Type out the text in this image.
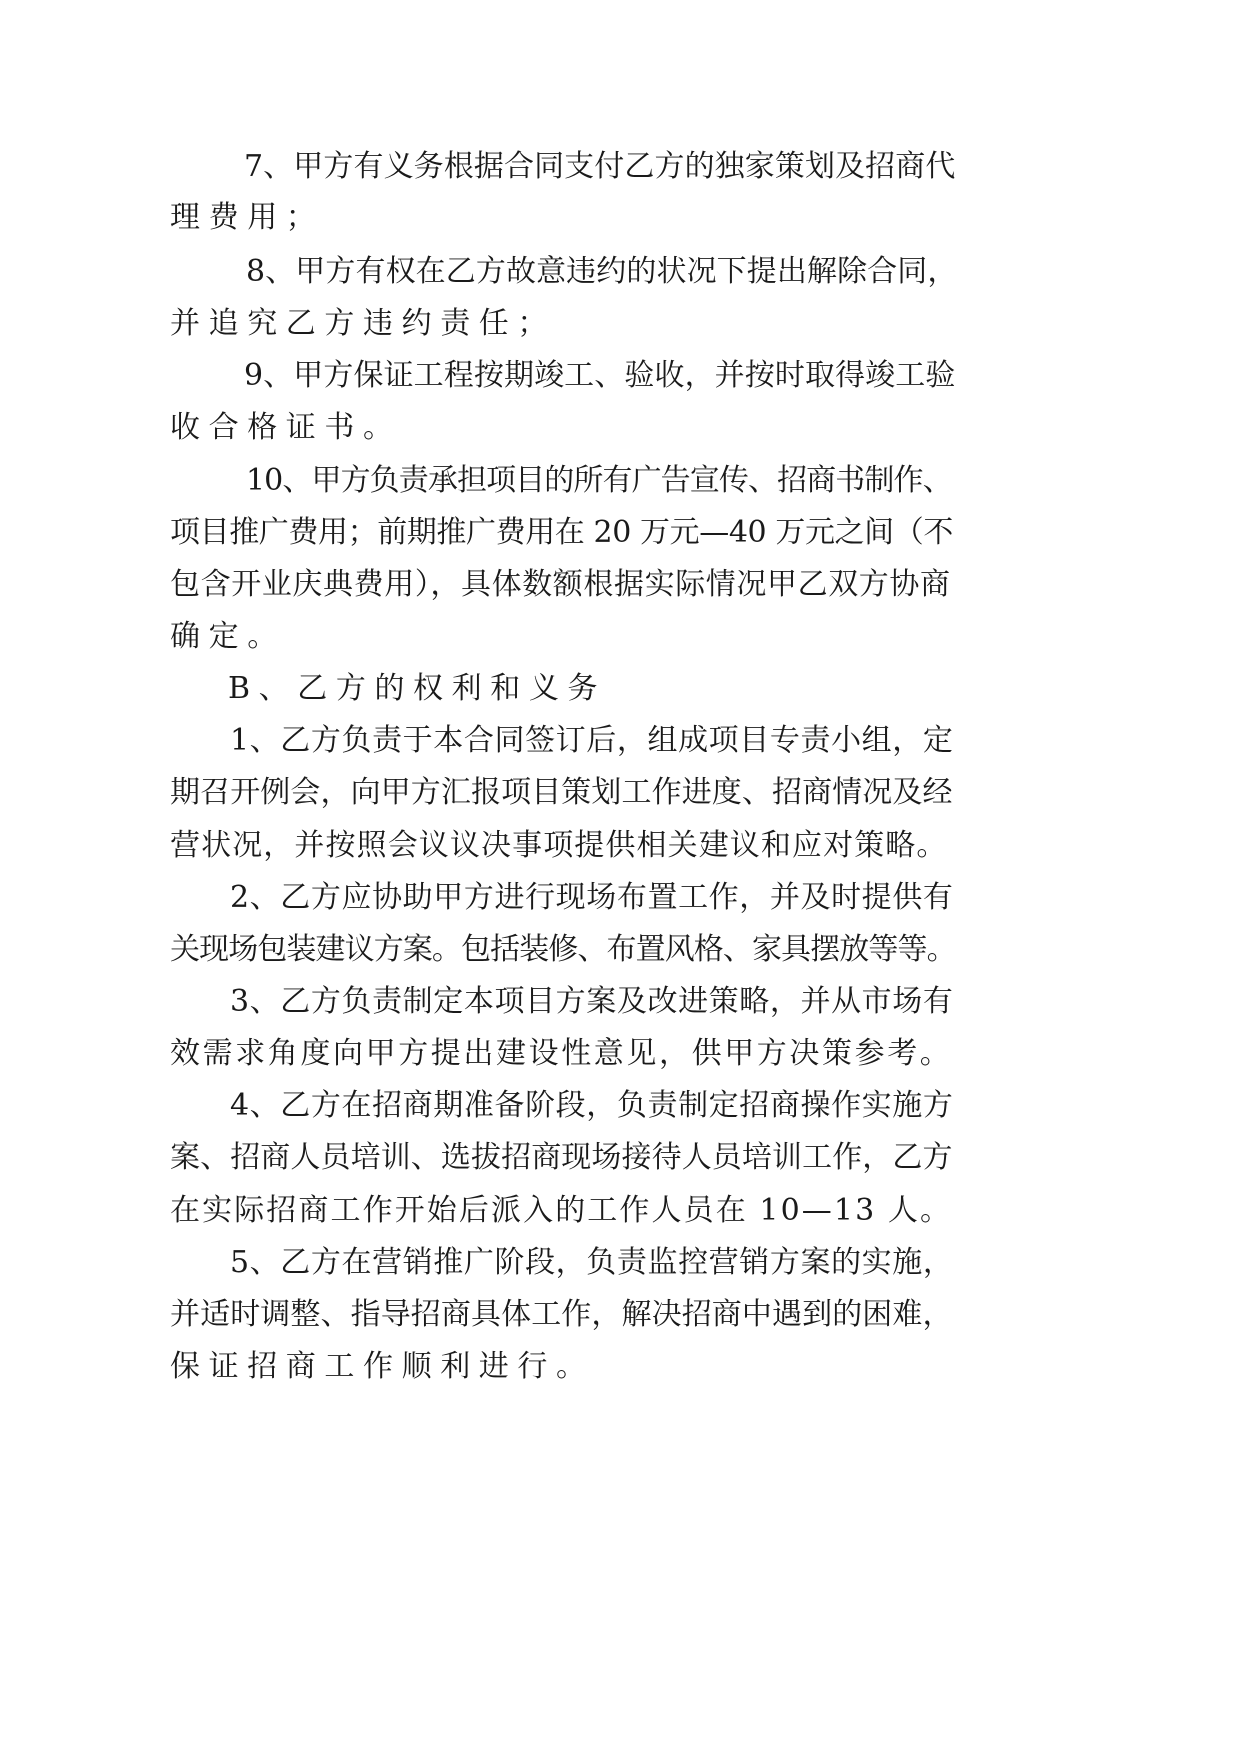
7、甲方有义务根据合同支付乙方的独家策划及招商代

理费用；

8、甲方有权在乙方故意违约的状况下提出解除合同，

并追究乙方违约责任；

9、甲方保证工程按期竣工、验收，并按时取得竣工验

收合格证书。

10、甲方负责承担项目的所有广告宣传、招商书制作、

项目推广费用；前期推广费用在 20 万元—40 万元之间（不

包含开业庆典费用），具体数额根据实际情况甲乙双方协商

确定。

B、乙方的权利和义务

1、乙方负责于本合同签订后，组成项目专责小组，定

期召开例会，向甲方汇报项目策划工作进度、招商情况及经

营状况，并按照会议议决事项提供相关建议和应对策略。

2、乙方应协助甲方进行现场布置工作，并及时提供有

关现场包装建议方案。包括装修、布置风格、家具摆放等等。

3、乙方负责制定本项目方案及改进策略，并从市场有

效需求角度向甲方提出建设性意见，供甲方决策参考。

4、乙方在招商期准备阶段，负责制定招商操作实施方

案、招商人员培训、选拔招商现场接待人员培训工作，乙方

在实际招商工作开始后派入的工作人员在 10—13 人。

5、乙方在营销推广阶段，负责监控营销方案的实施，

并适时调整、指导招商具体工作，解决招商中遇到的困难，

保证招商工作顺利进行。
